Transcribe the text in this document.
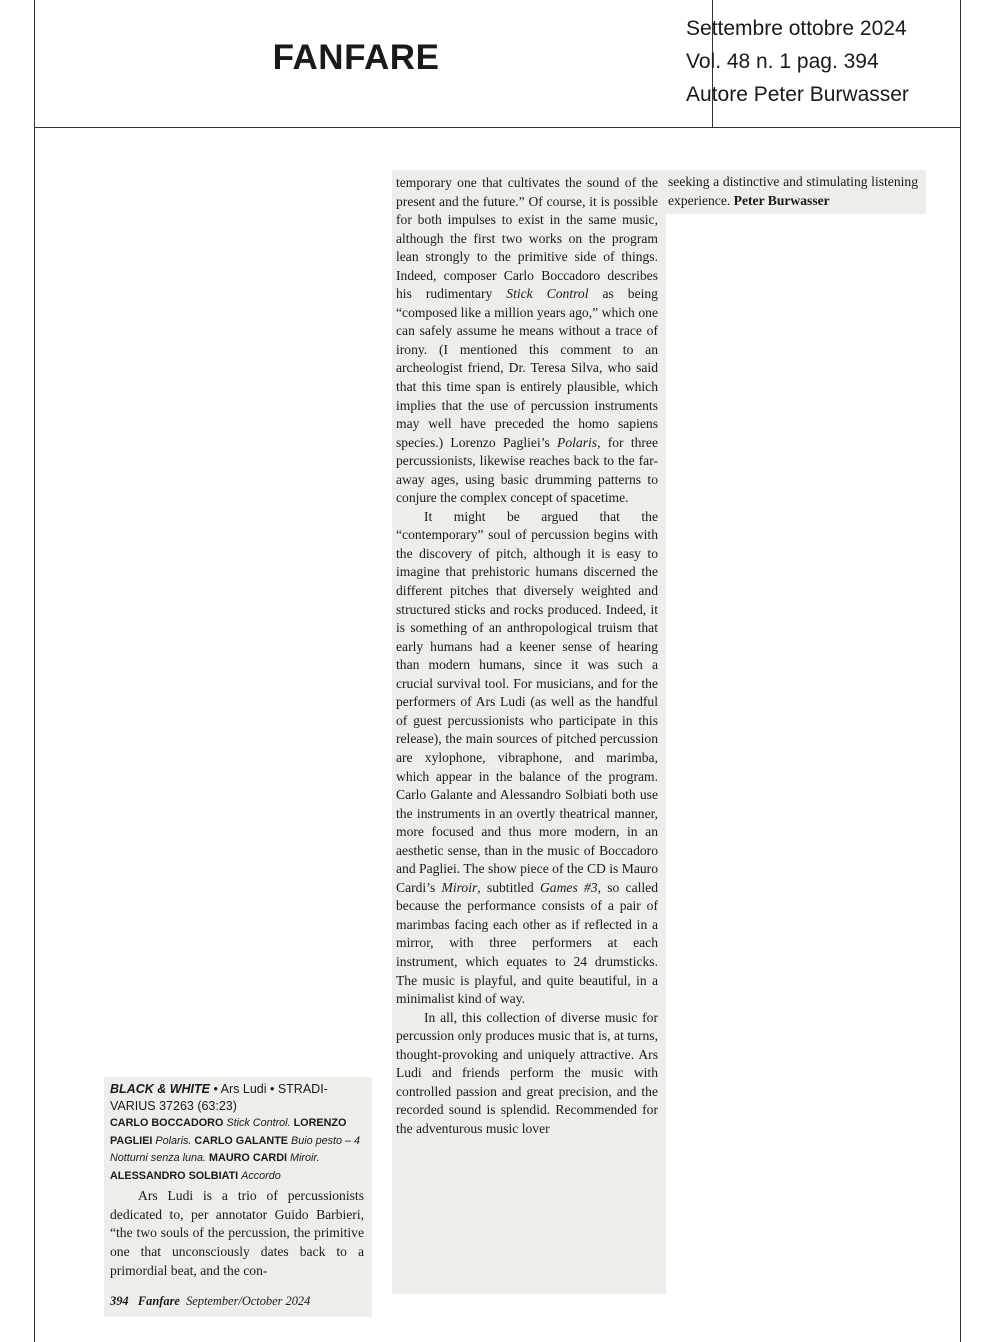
FANFARE
Settembre ottobre 2024
Vol. 48 n. 1 pag. 394
Autore Peter Burwasser
BLACK & WHITE • Ars Ludi • STRADI-VARIUS 37263 (63:23)
CARLO BOCCADORO Stick Control. LORENZO PAGLIEI Polaris. CARLO GALANTE Buio pesto – 4 Notturni senza luna. MAURO CARDI Miroir. ALESSANDRO SOLBIATI Accordo

Ars Ludi is a trio of percussionists dedicated to, per annotator Guido Barbieri, “the two souls of the percussion, the primitive one that unconsciously dates back to a primordial beat, and the con-

394 Fanfare September/October 2024

temporary one that cultivates the sound of the present and the future.” Of course, it is possible for both impulses to exist in the same music, although the first two works on the program lean strongly to the primitive side of things. Indeed, composer Carlo Boccadoro describes his rudimentary Stick Control as being “composed like a million years ago,” which one can safely assume he means without a trace of irony. (I mentioned this comment to an archeologist friend, Dr. Teresa Silva, who said that this time span is entirely plausible, which implies that the use of percussion instruments may well have preceded the homo sapiens species.) Lorenzo Pagliei’s Polaris, for three percussionists, likewise reaches back to the far-away ages, using basic drumming patterns to conjure the complex concept of spacetime.

It might be argued that the “contemporary” soul of percussion begins with the discovery of pitch, although it is easy to imagine that prehistoric humans discerned the different pitches that diversely weighted and structured sticks and rocks produced. Indeed, it is something of an anthropological truism that early humans had a keener sense of hearing than modern humans, since it was such a crucial survival tool. For musicians, and for the performers of Ars Ludi (as well as the handful of guest percussionists who participate in this release), the main sources of pitched percussion are xylophone, vibraphone, and marimba, which appear in the balance of the program. Carlo Galante and Alessandro Solbiati both use the instruments in an overtly theatrical manner, more focused and thus more modern, in an aesthetic sense, than in the music of Boccadoro and Pagliei. The show piece of the CD is Mauro Cardi’s Miroir, subtitled Games #3, so called because the performance consists of a pair of marimbas facing each other as if reflected in a mirror, with three performers at each instrument, which equates to 24 drumsticks. The music is playful, and quite beautiful, in a minimalist kind of way.

In all, this collection of diverse music for percussion only produces music that is, at turns, thought-provoking and uniquely attractive. Ars Ludi and friends perform the music with controlled passion and great precision, and the recorded sound is splendid. Recommended for the adventurous music lover

seeking a distinctive and stimulating listening experience. Peter Burwasser
